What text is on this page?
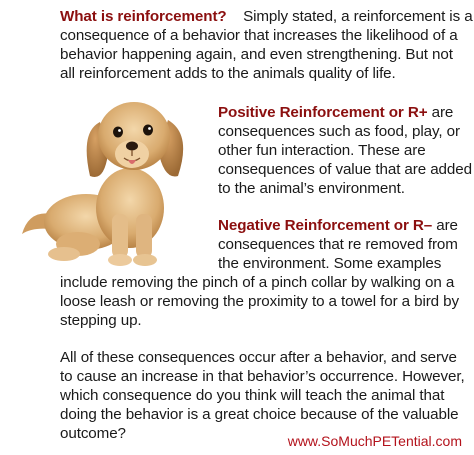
What is reinforcement? Simply stated, a reinforcement is a
consequence of a behavior that increases the likelihood of a
behavior happening again, and even strengthening. But not
all reinforcement adds to the animals quality of life.
Positive Reinforcement or R+ are
consequences such as food, play, or
other fun interaction. These are
consequences of value that are added
to the animal’s environment.
Negative Reinforcement or R– are
consequences that re removed from
the environment. Some examples
include removing the pinch of a pinch collar by walking on a
loose leash or removing the proximity to a towel for a bird by
stepping up.
All of these consequences occur after a behavior, and serve
to cause an increase in that behavior’s occurrence. However,
which consequence do you think will teach the animal that
doing the behavior is a great choice because of the valuable
outcome?	www.SoMuchPETential.com
